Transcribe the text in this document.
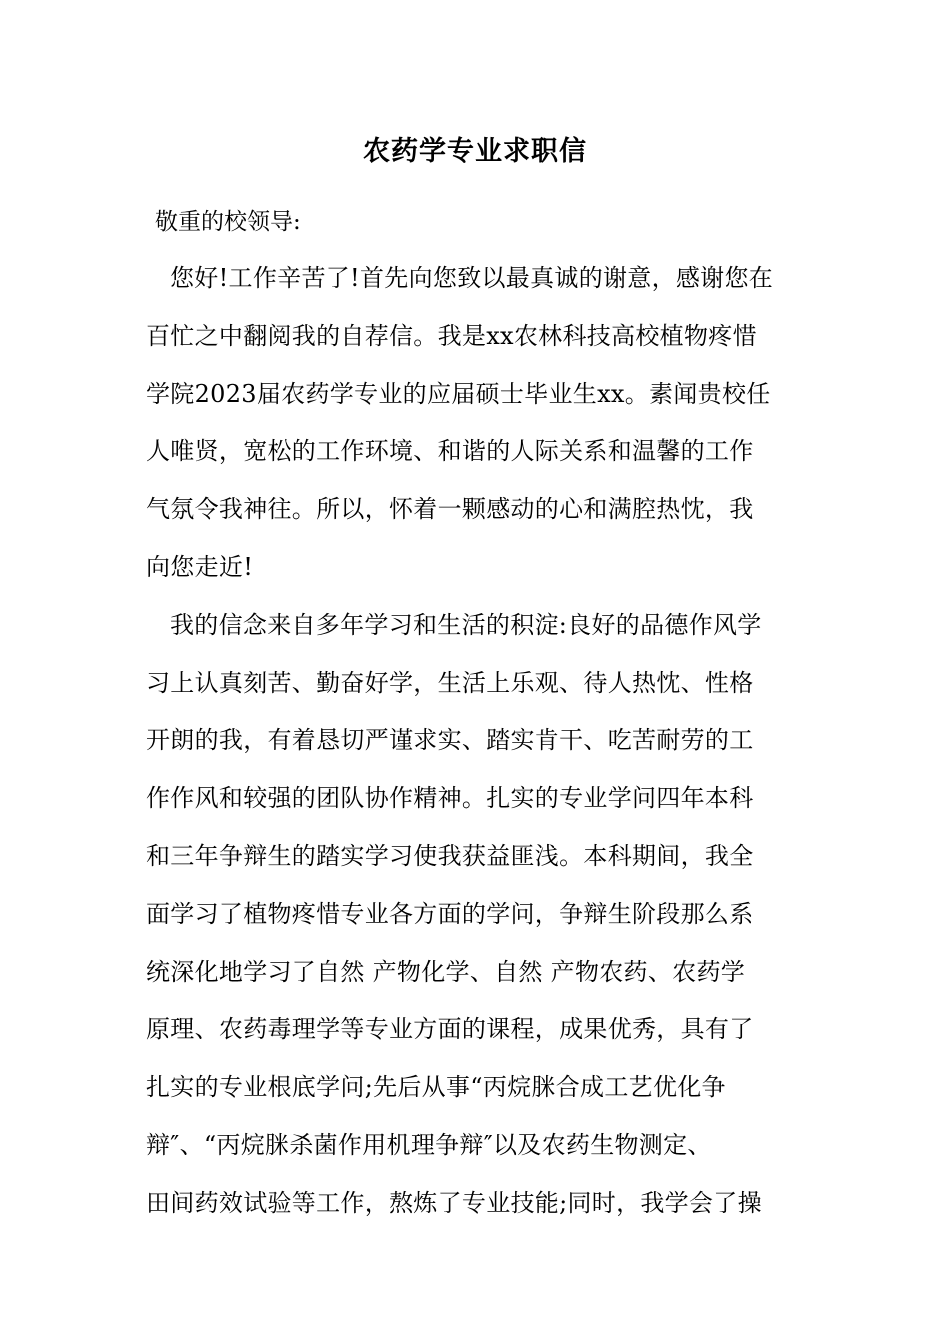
农药学专业求职信
敬重的校领导:
您好!工作辛苦了!首先向您致以最真诚的谢意，感谢您在
百忙之中翻阅我的自荐信。我是xx农林科技高校植物疼惜
学院2023届农药学专业的应届硕士毕业生xx。素闻贵校任
人唯贤，宽松的工作环境、和谐的人际关系和温馨的工作
气氛令我神往。所以，怀着一颗感动的心和满腔热忱，我
向您走近!
我的信念来自多年学习和生活的积淀:良好的品德作风学
习上认真刻苦、勤奋好学，生活上乐观、待人热忱、性格
开朗的我，有着恳切严谨求实、踏实肯干、吃苦耐劳的工
作作风和较强的团队协作精神。扎实的专业学问四年本科
和三年争辩生的踏实学习使我获益匪浅。本科期间，我全
面学习了植物疼惜专业各方面的学问，争辩生阶段那么系
统深化地学习了自然 产物化学、自然 产物农药、农药学
原理、农药毒理学等专业方面的课程，成果优秀，具有了
扎实的专业根底学问;先后从事“丙烷脒合成工艺优化争
辩″、“丙烷脒杀菌作用机理争辩″以及农药生物测定、
田间药效试验等工作，熬炼了专业技能;同时，我学会了操
